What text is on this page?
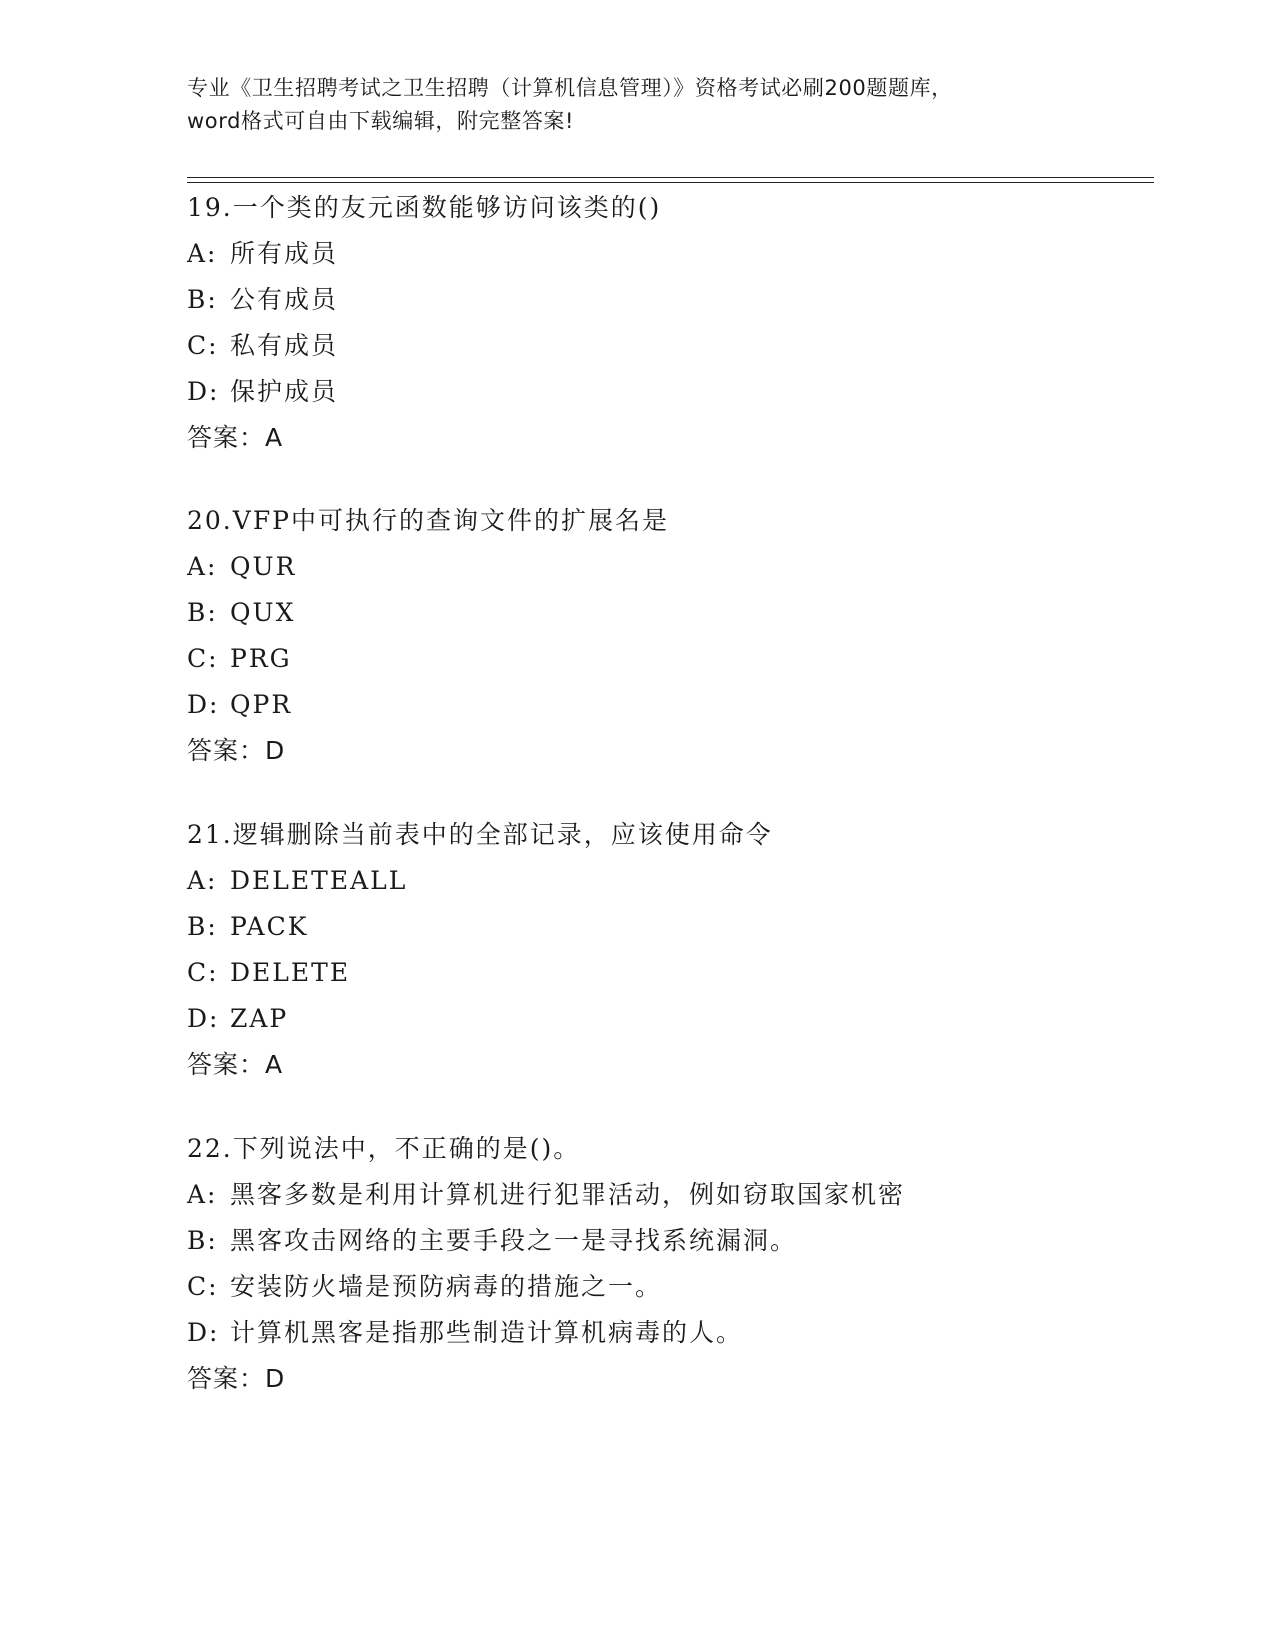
专业《卫生招聘考试之卫生招聘（计算机信息管理）》资格考试必刷200题题库，
word格式可自由下载编辑，附完整答案!
19.一个类的友元函数能够访问该类的()
A: 所有成员
B: 公有成员
C: 私有成员
D: 保护成员
答案：A
20.VFP中可执行的查询文件的扩展名是
A: QUR
B: QUX
C: PRG
D: QPR
答案：D
21.逻辑删除当前表中的全部记录，应该使用命令
A: DELETEALL
B: PACK
C: DELETE
D: ZAP
答案：A
22.下列说法中，不正确的是()。
A: 黑客多数是利用计算机进行犯罪活动，例如窃取国家机密
B: 黑客攻击网络的主要手段之一是寻找系统漏洞。
C: 安装防火墙是预防病毒的措施之一。
D: 计算机黑客是指那些制造计算机病毒的人。
答案：D
